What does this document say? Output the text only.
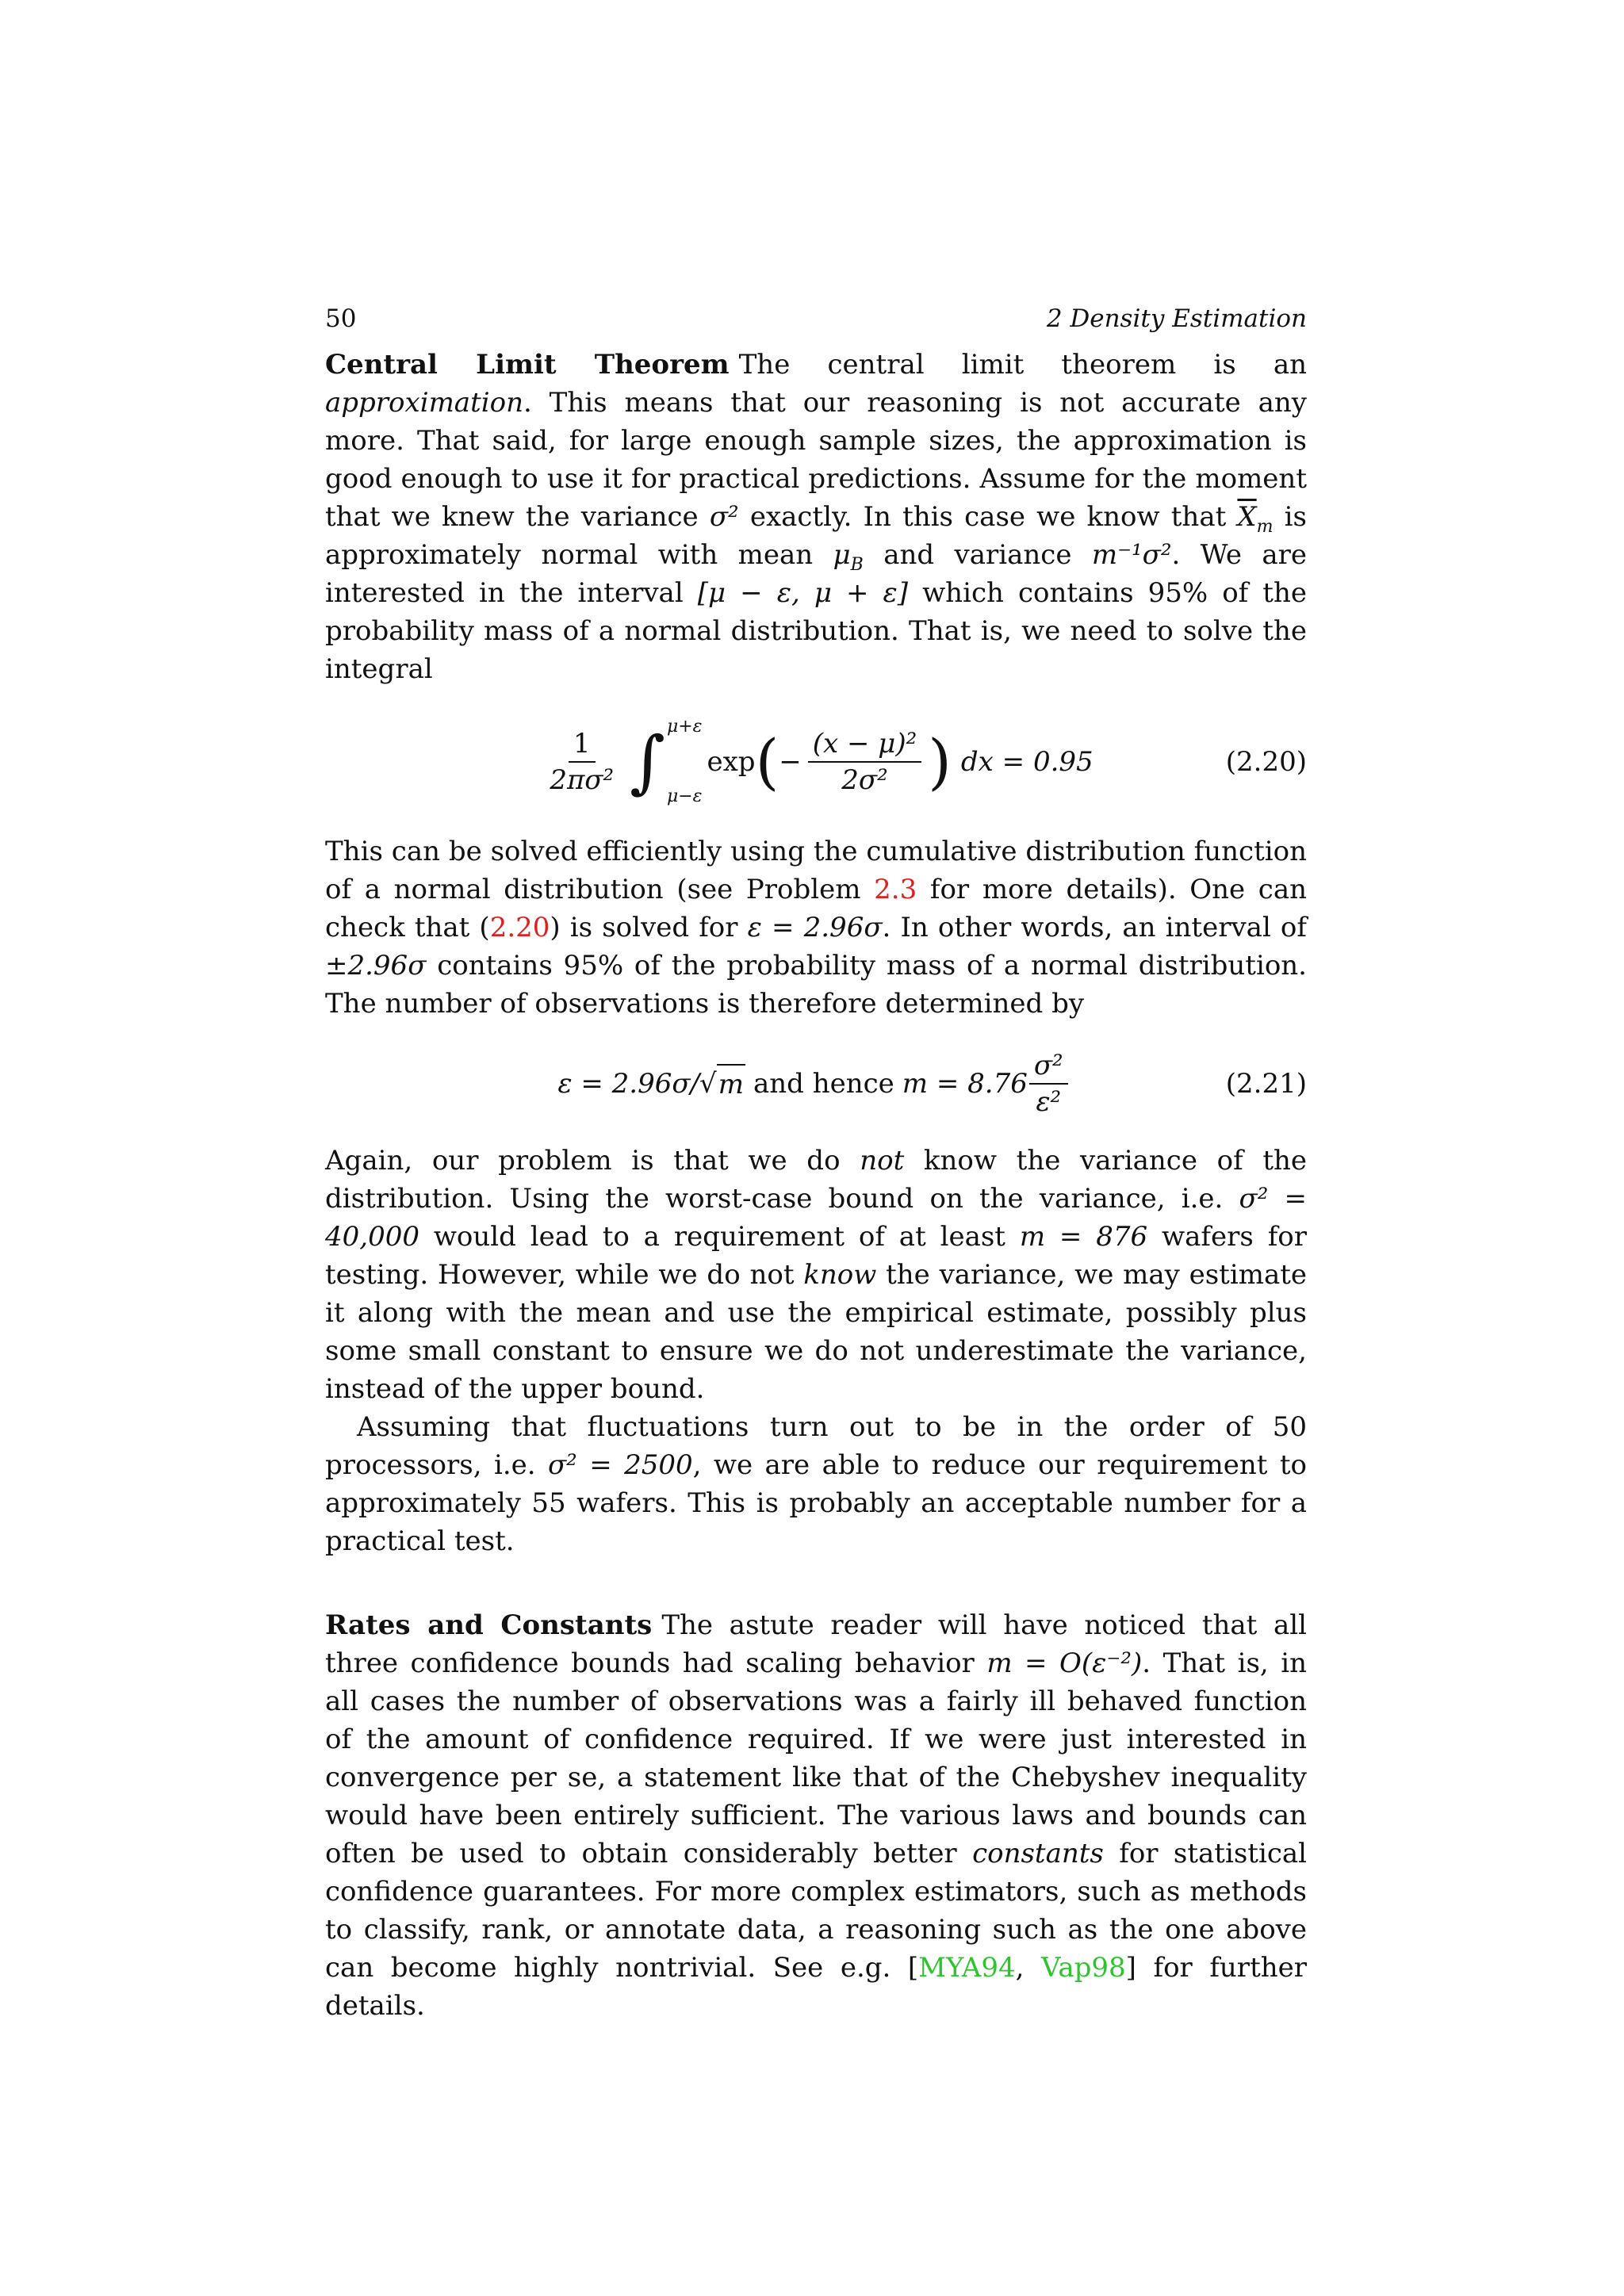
50	2 Density Estimation

Central Limit Theorem The central limit theorem is an approximation. This means that our reasoning is not accurate any more. That said, for large enough sample sizes, the approximation is good enough to use it for practical predictions. Assume for the moment that we knew the variance σ² exactly. In this case we know that $\overline{X}_m$ is approximately normal with mean $\mu_B$ and variance m⁻¹σ². We are interested in the interval [μ − ε, μ + ε] which contains 95% of the probability mass of a normal distribution. That is, we need to solve the integral

$\frac{1}{\text{2πσ²}}$ ∫ μ+ε
μ−ε
exp ( − $\frac{\text{(x − μ)²}}{\text{2σ²}}$ ) dx = 0.95	(2.20)

This can be solved efficiently using the cumulative distribution function of a normal distribution (see Problem 2.3 for more details). One can check that (2.20) is solved for ε = 2.96σ. In other words, an interval of ±2.96σ contains 95% of the probability mass of a normal distribution. The number of observations is therefore determined by

ε = 2.96σ/ √ m and hence $m = 8.76 \frac{\text{σ²}}{\text{ε²}}$	(2.21)

Again, our problem is that we do not know the variance of the distribution. Using the worst-case bound on the variance, i.e. σ² = 40,000 would lead to a requirement of at least m = 876 wafers for testing. However, while we do not know the variance, we may estimate it along with the mean and use the empirical estimate, possibly plus some small constant to ensure we do not underestimate the variance, instead of the upper bound.

Assuming that fluctuations turn out to be in the order of 50 processors, i.e. σ² = 2500, we are able to reduce our requirement to approximately 55 wafers. This is probably an acceptable number for a practical test.

Rates and Constants The astute reader will have noticed that all three confidence bounds had scaling behavior m = O(ε⁻²). That is, in all cases the number of observations was a fairly ill behaved function of the amount of confidence required. If we were just interested in convergence per se, a statement like that of the Chebyshev inequality would have been entirely sufficient. The various laws and bounds can often be used to obtain considerably better constants for statistical confidence guarantees. For more complex estimators, such as methods to classify, rank, or annotate data, a reasoning such as the one above can become highly nontrivial. See e.g. [MYA94, Vap98] for further details.
